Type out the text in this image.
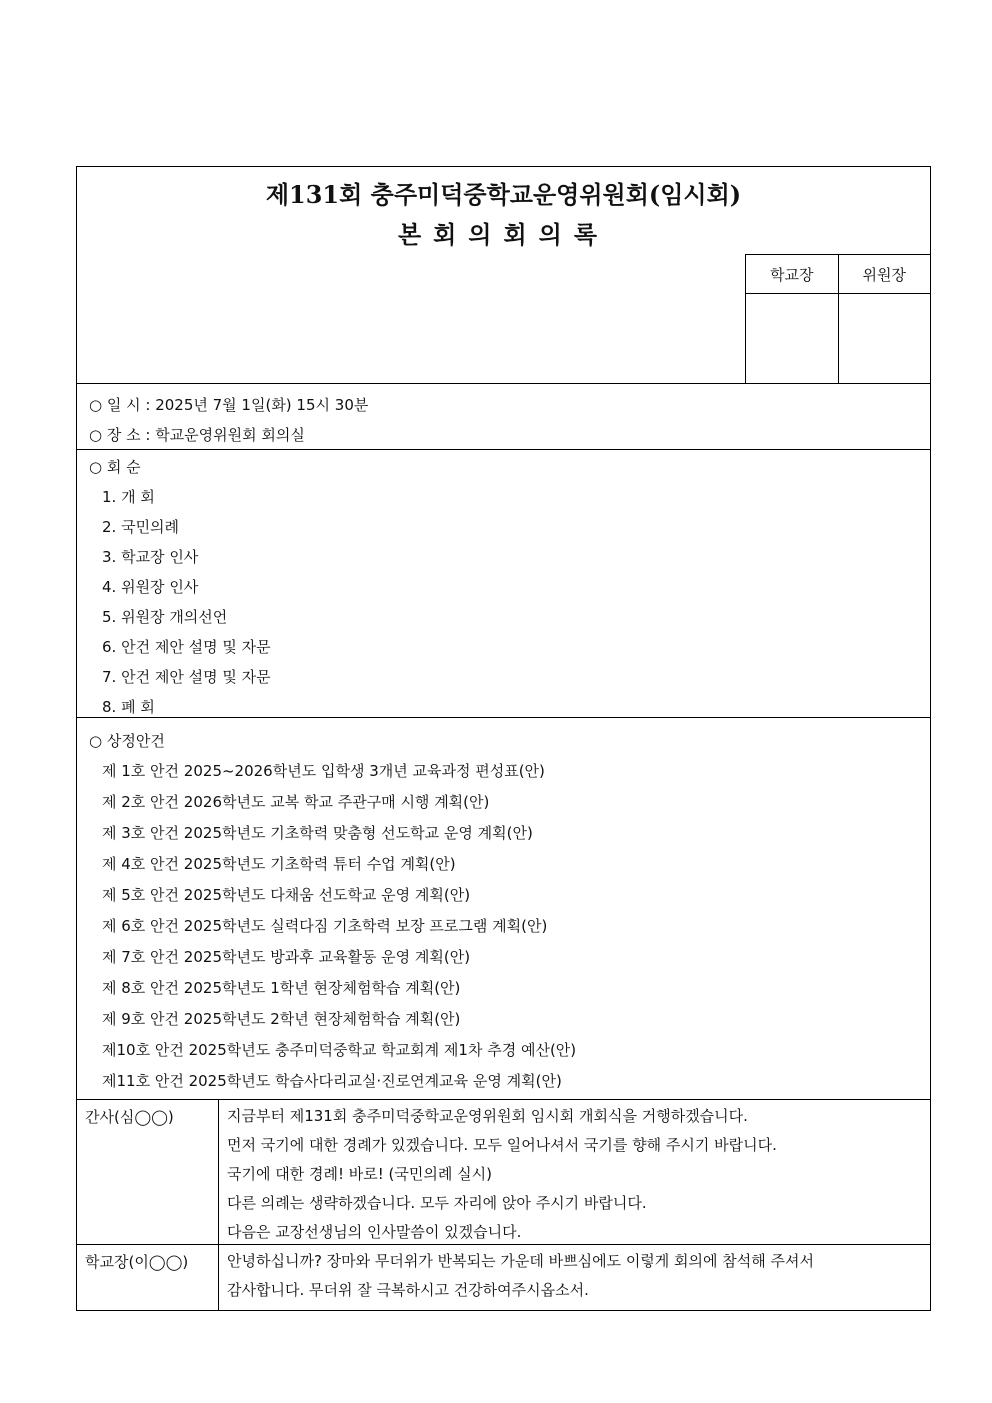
제131회 충주미덕중학교운영위원회(임시회)
본회의회의록
학교장	위원장

○ 일 시 : 2025년 7월 1일(화) 15시 30분
○ 장 소 : 학교운영위원회 회의실
○ 회 순
1. 개 회
2. 국민의례
3. 학교장 인사
4. 위원장 인사
5. 위원장 개의선언
6. 안건 제안 설명 및 자문
7. 안건 제안 설명 및 자문
8. 폐 회
○ 상정안건
제 1호 안건 2025~2026학년도 입학생 3개년 교육과정 편성표(안)
제 2호 안건 2026학년도 교복 학교 주관구매 시행 계획(안)
제 3호 안건 2025학년도 기초학력 맞춤형 선도학교 운영 계획(안)
제 4호 안건 2025학년도 기초학력 튜터 수업 계획(안)
제 5호 안건 2025학년도 다채움 선도학교 운영 계획(안)
제 6호 안건 2025학년도 실력다짐 기초학력 보장 프로그램 계획(안)
제 7호 안건 2025학년도 방과후 교육활동 운영 계획(안)
제 8호 안건 2025학년도 1학년 현장체험학습 계획(안)
제 9호 안건 2025학년도 2학년 현장체험학습 계획(안)
제10호 안건 2025학년도 충주미덕중학교 학교회계 제1차 추경 예산(안)
제11호 안건 2025학년도 학습사다리교실·진로연계교육 운영 계획(안)
간사(심◯◯)	지금부터 제131회 충주미덕중학교운영위원회 임시회 개회식을 거행하겠습니다.
먼저 국기에 대한 경례가 있겠습니다. 모두 일어나셔서 국기를 향해 주시기 바랍니다.
국기에 대한 경례! 바로! (국민의례 실시)
다른 의례는 생략하겠습니다. 모두 자리에 앉아 주시기 바랍니다.
다음은 교장선생님의 인사말씀이 있겠습니다.
학교장(이◯◯)	안녕하십니까? 장마와 무더위가 반복되는 가운데 바쁘심에도 이렇게 회의에 참석해 주셔서
감사합니다. 무더위 잘 극복하시고 건강하여주시옵소서.
